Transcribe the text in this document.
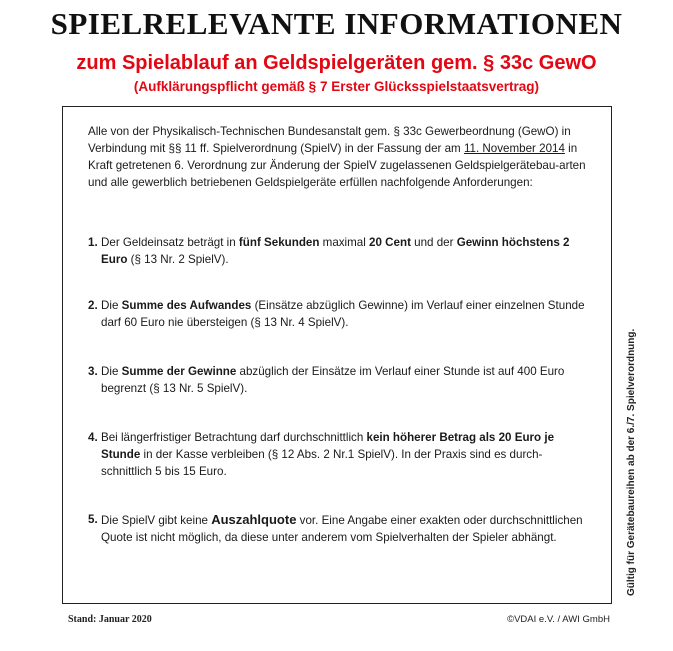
SPIELRELEVANTE INFORMATIONEN
zum Spielablauf an Geldspielgeräten gem. § 33c GewO
(Aufklärungspflicht gemäß § 7 Erster Glücksspielstaatsvertrag)

Alle von der Physikalisch-Technischen Bundesanstalt gem. § 33c Gewerbeordnung (GewO) in Verbindung mit §§ 11 ff. Spielverordnung (SpielV) in der Fassung der am 11. November 2014 in Kraft getretenen 6. Verordnung zur Änderung der SpielV zugelassenen Geldspielgerätebau-arten und alle gewerblich betriebenen Geldspielgeräte erfüllen nachfolgende Anforderungen:

1. Der Geldeinsatz beträgt in fünf Sekunden maximal 20 Cent und der Gewinn höchstens 2 Euro (§ 13 Nr. 2 SpielV).
2. Die Summe des Aufwandes (Einsätze abzüglich Gewinne) im Verlauf einer einzelnen Stunde darf 60 Euro nie übersteigen (§ 13 Nr. 4 SpielV).
3. Die Summe der Gewinne abzüglich der Einsätze im Verlauf einer Stunde ist auf 400 Euro begrenzt (§ 13 Nr. 5 SpielV).
4. Bei längerfristiger Betrachtung darf durchschnittlich kein höherer Betrag als 20 Euro je Stunde in der Kasse verbleiben (§ 12 Abs. 2 Nr.1 SpielV). In der Praxis sind es durch-schnittlich 5 bis 15 Euro.
5. Die SpielV gibt keine Auszahlquote vor. Eine Angabe einer exakten oder durchschnittlichen Quote ist nicht möglich, da diese unter anderem vom Spielverhalten der Spieler abhängt.
Stand: Januar 2020	©VDAI e.V. / AWI GmbH
Gültig für Gerätebaureihen ab der 6./7. Spielverordnung.
